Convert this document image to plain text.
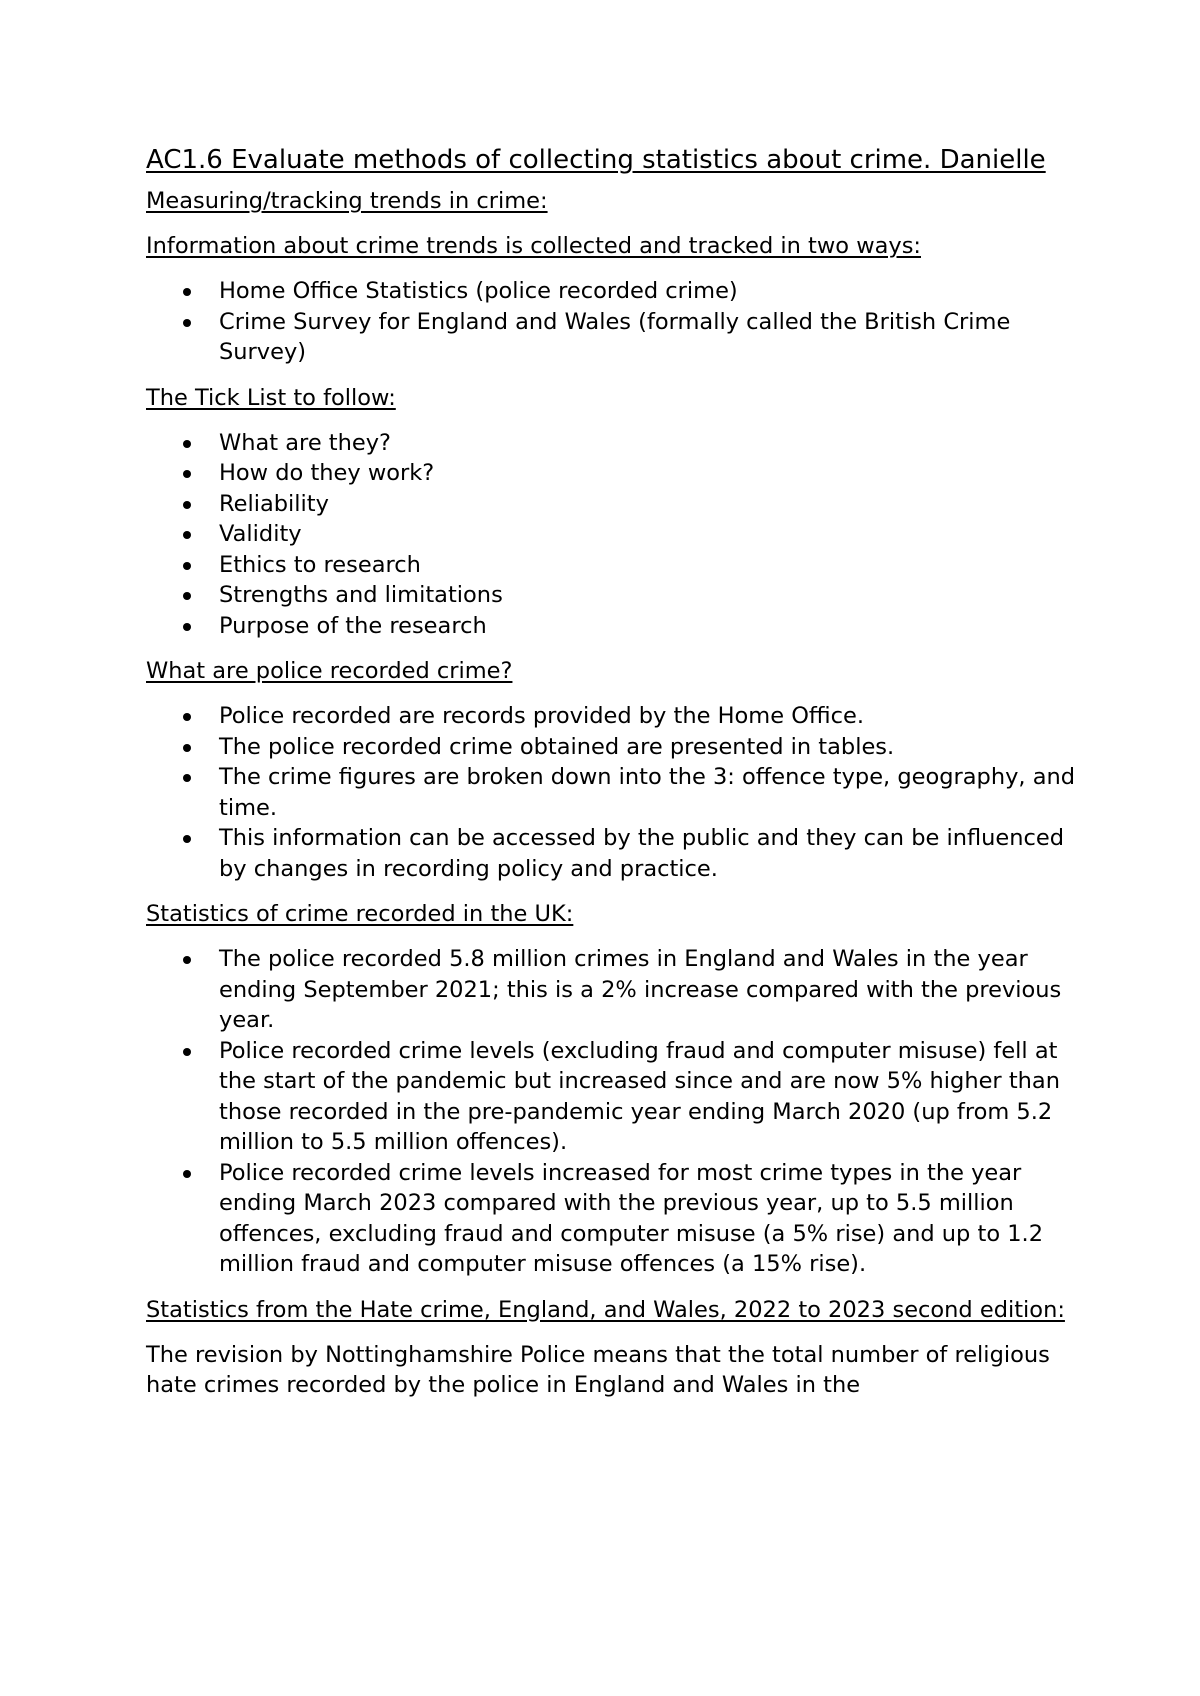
AC1.6 Evaluate methods of collecting statistics about crime. Danielle
Measuring/tracking trends in crime:
Information about crime trends is collected and tracked in two ways:
Home Office Statistics (police recorded crime)
Crime Survey for England and Wales (formally called the British Crime Survey)
The Tick List to follow:
What are they?
How do they work?
Reliability
Validity
Ethics to research
Strengths and limitations
Purpose of the research
What are police recorded crime?
Police recorded are records provided by the Home Office.
The police recorded crime obtained are presented in tables.
The crime figures are broken down into the 3: offence type, geography, and time.
This information can be accessed by the public and they can be influenced by changes in recording policy and practice.
Statistics of crime recorded in the UK:
The police recorded 5.8 million crimes in England and Wales in the year ending September 2021; this is a 2% increase compared with the previous year.
Police recorded crime levels (excluding fraud and computer misuse) fell at the start of the pandemic but increased since and are now 5% higher than those recorded in the pre-pandemic year ending March 2020 (up from 5.2 million to 5.5 million offences).
Police recorded crime levels increased for most crime types in the year ending March 2023 compared with the previous year, up to 5.5 million offences, excluding fraud and computer misuse (a 5% rise) and up to 1.2 million fraud and computer misuse offences (a 15% rise).
Statistics from the Hate crime, England, and Wales, 2022 to 2023 second edition:

The revision by Nottinghamshire Police means that the total number of religious hate crimes recorded by the police in England and Wales in the
